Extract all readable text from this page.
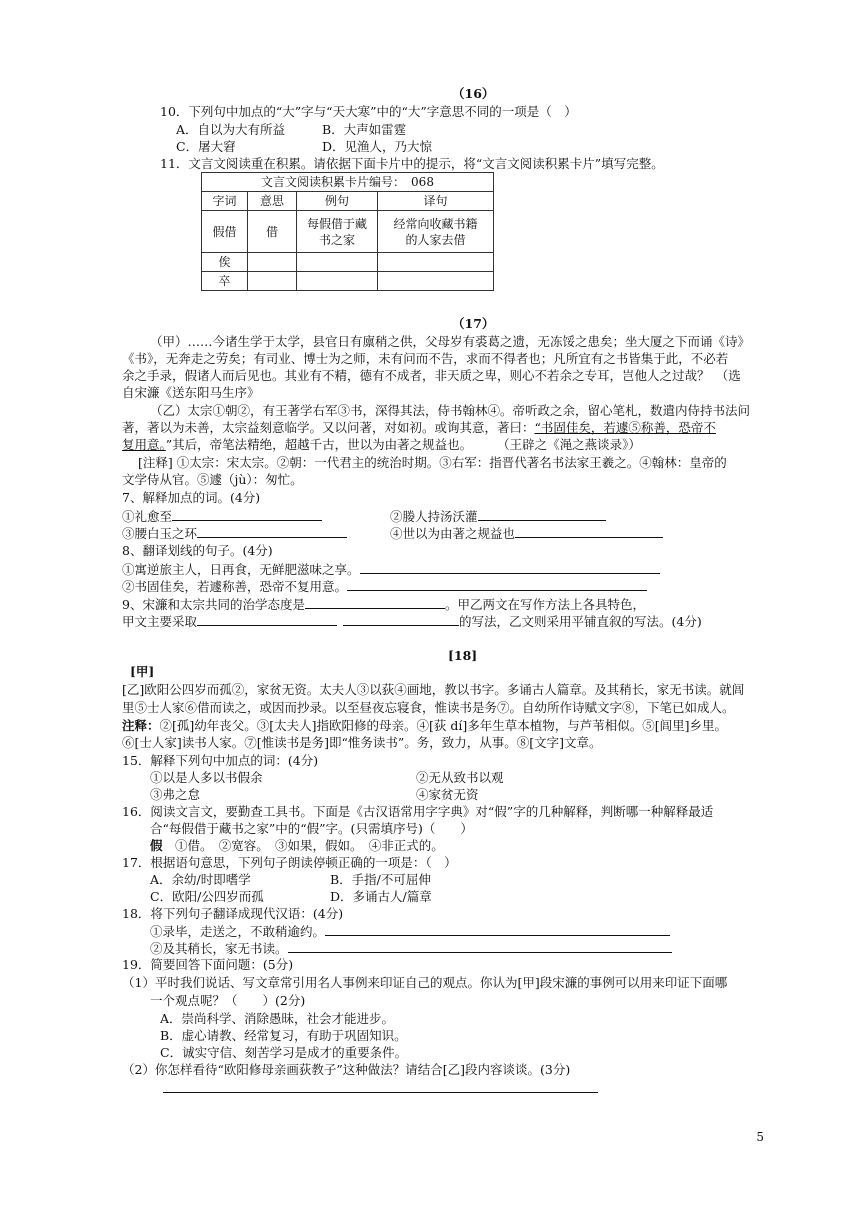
（16）
10．下列句中加点的“大”字与“天大寒”中的“大”字意思不同的一项是（　）
A．自以为大有所益	B．大声如雷霆
C．屠大窘	D．见渔人，乃大惊
11．文言文阅读重在积累。请依据下面卡片中的提示，将“文言文阅读积累卡片”填写完整。
文言文阅读积累卡片编号：　068			
字词	意思	例句	译句
假借	借	每假借于藏书之家	经常向收藏书籍的人家去借
俟			
卒			
（17）
（甲）……今诸生学于太学，县官日有廪稍之供，父母岁有裘葛之遗，无冻馁之患矣；坐大厦之下而诵《诗》
《书》，无奔走之劳矣；有司业、博士为之师，未有问而不告，求而不得者也；凡所宜有之书皆集于此，不必若
余之手录，假诸人而后见也。其业有不精，德有不成者，非天质之卑，则心不若余之专耳，岂他人之过哉？　（选
自宋濂《送东阳马生序》
（乙）太宗①朝②，有王著学右军③书，深得其法，侍书翰林④。帝听政之余，留心笔札，数遣内侍持书法问
著，著以为未善，太宗益刻意临学。又以问著，对如初。或询其意，著曰：“书固佳矣，若遽⑤称善，恐帝不
复用意。”其后，帝笔法精绝，超越千古，世以为由著之规益也。　　　（王辟之《渑之燕谈录》）
[注释] ①太宗：宋太宗。②朝：一代君主的统治时期。③右军：指晋代著名书法家王羲之。④翰林：皇帝的
文学侍从官。⑤遽（jù）：匆忙。
7、解释加点的词。(4分)
①礼愈至	②媵人持汤沃灌
③腰白玉之环	④世以为由著之规益也
8、翻译划线的句子。(4分)
①寓逆旅主人，日再食，无鲜肥滋味之享。
②书固佳矣，若遽称善，恐帝不复用意。
9、宋濂和太宗共同的治学态度是	。甲乙两文在写作方法上各具特色，
甲文主要采取	的写法，乙文则采用平铺直叙的写法。(4分)
[18]
[甲]
[乙]欧阳公四岁而孤②，家贫无资。太夫人③以荻④画地，教以书字。多诵古人篇章。及其稍长，家无书读。就闾
里⑤士人家⑥借而读之，或因而抄录。以至昼夜忘寝食，惟读书是务⑦。自幼所作诗赋文字⑧，下笔已如成人。
注释：②[孤]幼年丧父。③[太夫人]指欧阳修的母亲。④[荻 dí]多年生草本植物，与芦苇相似。⑤[闾里]乡里。
⑥[士人家]读书人家。⑦[惟读书是务]即“惟务读书”。务，致力，从事。⑧[文字]文章。
15．解释下列句中加点的词：(4分)
①以是人多以书假余	②无从致书以观
③弗之怠	④家贫无资
16．阅读文言文，要勤查工具书。下面是《古汉语常用字字典》对“假”字的几种解释，判断哪一种解释最适
合“每假借于藏书之家”中的“假”字。(只需填序号)（　　）
假　 ①借。　②宽容。　③如果，假如。　④非正式的。
17．根据语句意思，下列句子朗读停顿正确的一项是：（　）
A．余幼/时即嗜学	B．手指/不可屈伸
C．欧阳/公四岁而孤	D．多诵古人/篇章
18．将下列句子翻译成现代汉语：(4分)
①录毕，走送之，不敢稍逾约。
②及其稍长，家无书读。
19．简要回答下面问题：(5分)
（1）平时我们说话、写文章常引用名人事例来印证自己的观点。你认为[甲]段宋濂的事例可以用来印证下面哪
一个观点呢？（　　）(2分)
A．崇尚科学、消除愚昧，社会才能进步。
B．虚心请教、经常复习，有助于巩固知识。
C．诚实守信、刻苦学习是成才的重要条件。
（2）你怎样看待“欧阳修母亲画荻教子”这种做法？请结合[乙]段内容谈谈。(3分)
5
